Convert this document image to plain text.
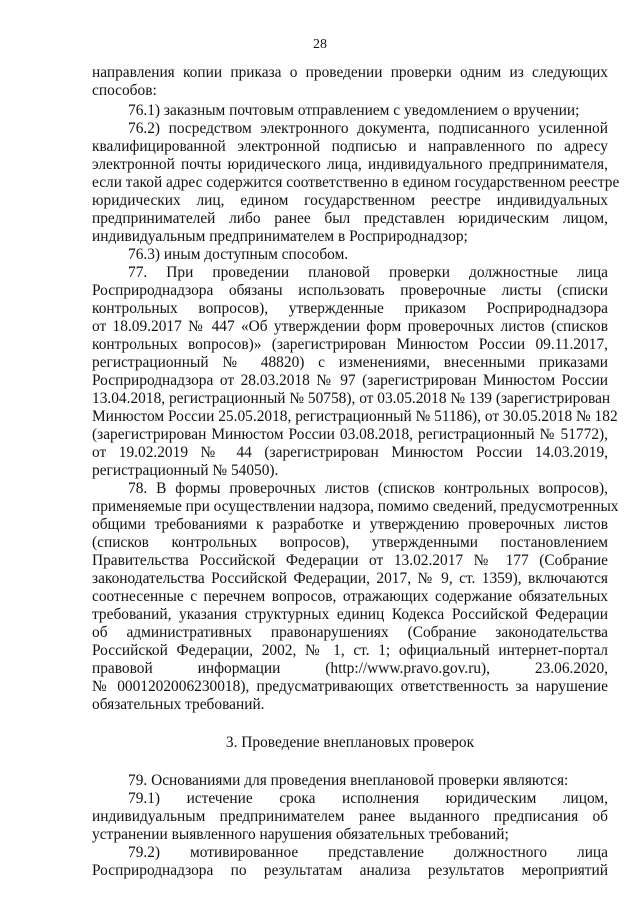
28
направления копии приказа о проведении проверки одним из следующих
способов:
76.1) заказным почтовым отправлением с уведомлением о вручении;
76.2) посредством электронного документа, подписанного усиленной
квалифицированной электронной подписью и направленного по адресу
электронной почты юридического лица, индивидуального предпринимателя,
если такой адрес содержится соответственно в едином государственном реестре
юридических лиц, едином государственном реестре индивидуальных
предпринимателей либо ранее был представлен юридическим лицом,
индивидуальным предпринимателем в Росприроднадзор;
76.3) иным доступным способом.
77. При проведении плановой проверки должностные лица
Росприроднадзора обязаны использовать проверочные листы (списки
контрольных вопросов), утвержденные приказом Росприроднадзора
от 18.09.2017 № 447 «Об утверждении форм проверочных листов (списков
контрольных вопросов)» (зарегистрирован Минюстом России 09.11.2017,
регистрационный № 48820) с изменениями, внесенными приказами
Росприроднадзора от 28.03.2018 № 97 (зарегистрирован Минюстом России
13.04.2018, регистрационный № 50758), от 03.05.2018 № 139 (зарегистрирован
Минюстом России 25.05.2018, регистрационный № 51186), от 30.05.2018 № 182
(зарегистрирован Минюстом России 03.08.2018, регистрационный № 51772),
от 19.02.2019 № 44 (зарегистрирован Минюстом России 14.03.2019,
регистрационный № 54050).
78. В формы проверочных листов (списков контрольных вопросов),
применяемые при осуществлении надзора, помимо сведений, предусмотренных
общими требованиями к разработке и утверждению проверочных листов
(списков контрольных вопросов), утвержденными постановлением
Правительства Российской Федерации от 13.02.2017 № 177 (Собрание
законодательства Российской Федерации, 2017, № 9, ст. 1359), включаются
соотнесенные с перечнем вопросов, отражающих содержание обязательных
требований, указания структурных единиц Кодекса Российской Федерации
об административных правонарушениях (Собрание законодательства
Российской Федерации, 2002, № 1, ст. 1; официальный интернет-портал
правовой информации (http://www.pravo.gov.ru), 23.06.2020,
№ 0001202006230018), предусматривающих ответственность за нарушение
обязательных требований.
3. Проведение внеплановых проверок
79. Основаниями для проведения внеплановой проверки являются:
79.1) истечение срока исполнения юридическим лицом,
индивидуальным предпринимателем ранее выданного предписания об
устранении выявленного нарушения обязательных требований;
79.2) мотивированное представление должностного лица
Росприроднадзора по результатам анализа результатов мероприятий
